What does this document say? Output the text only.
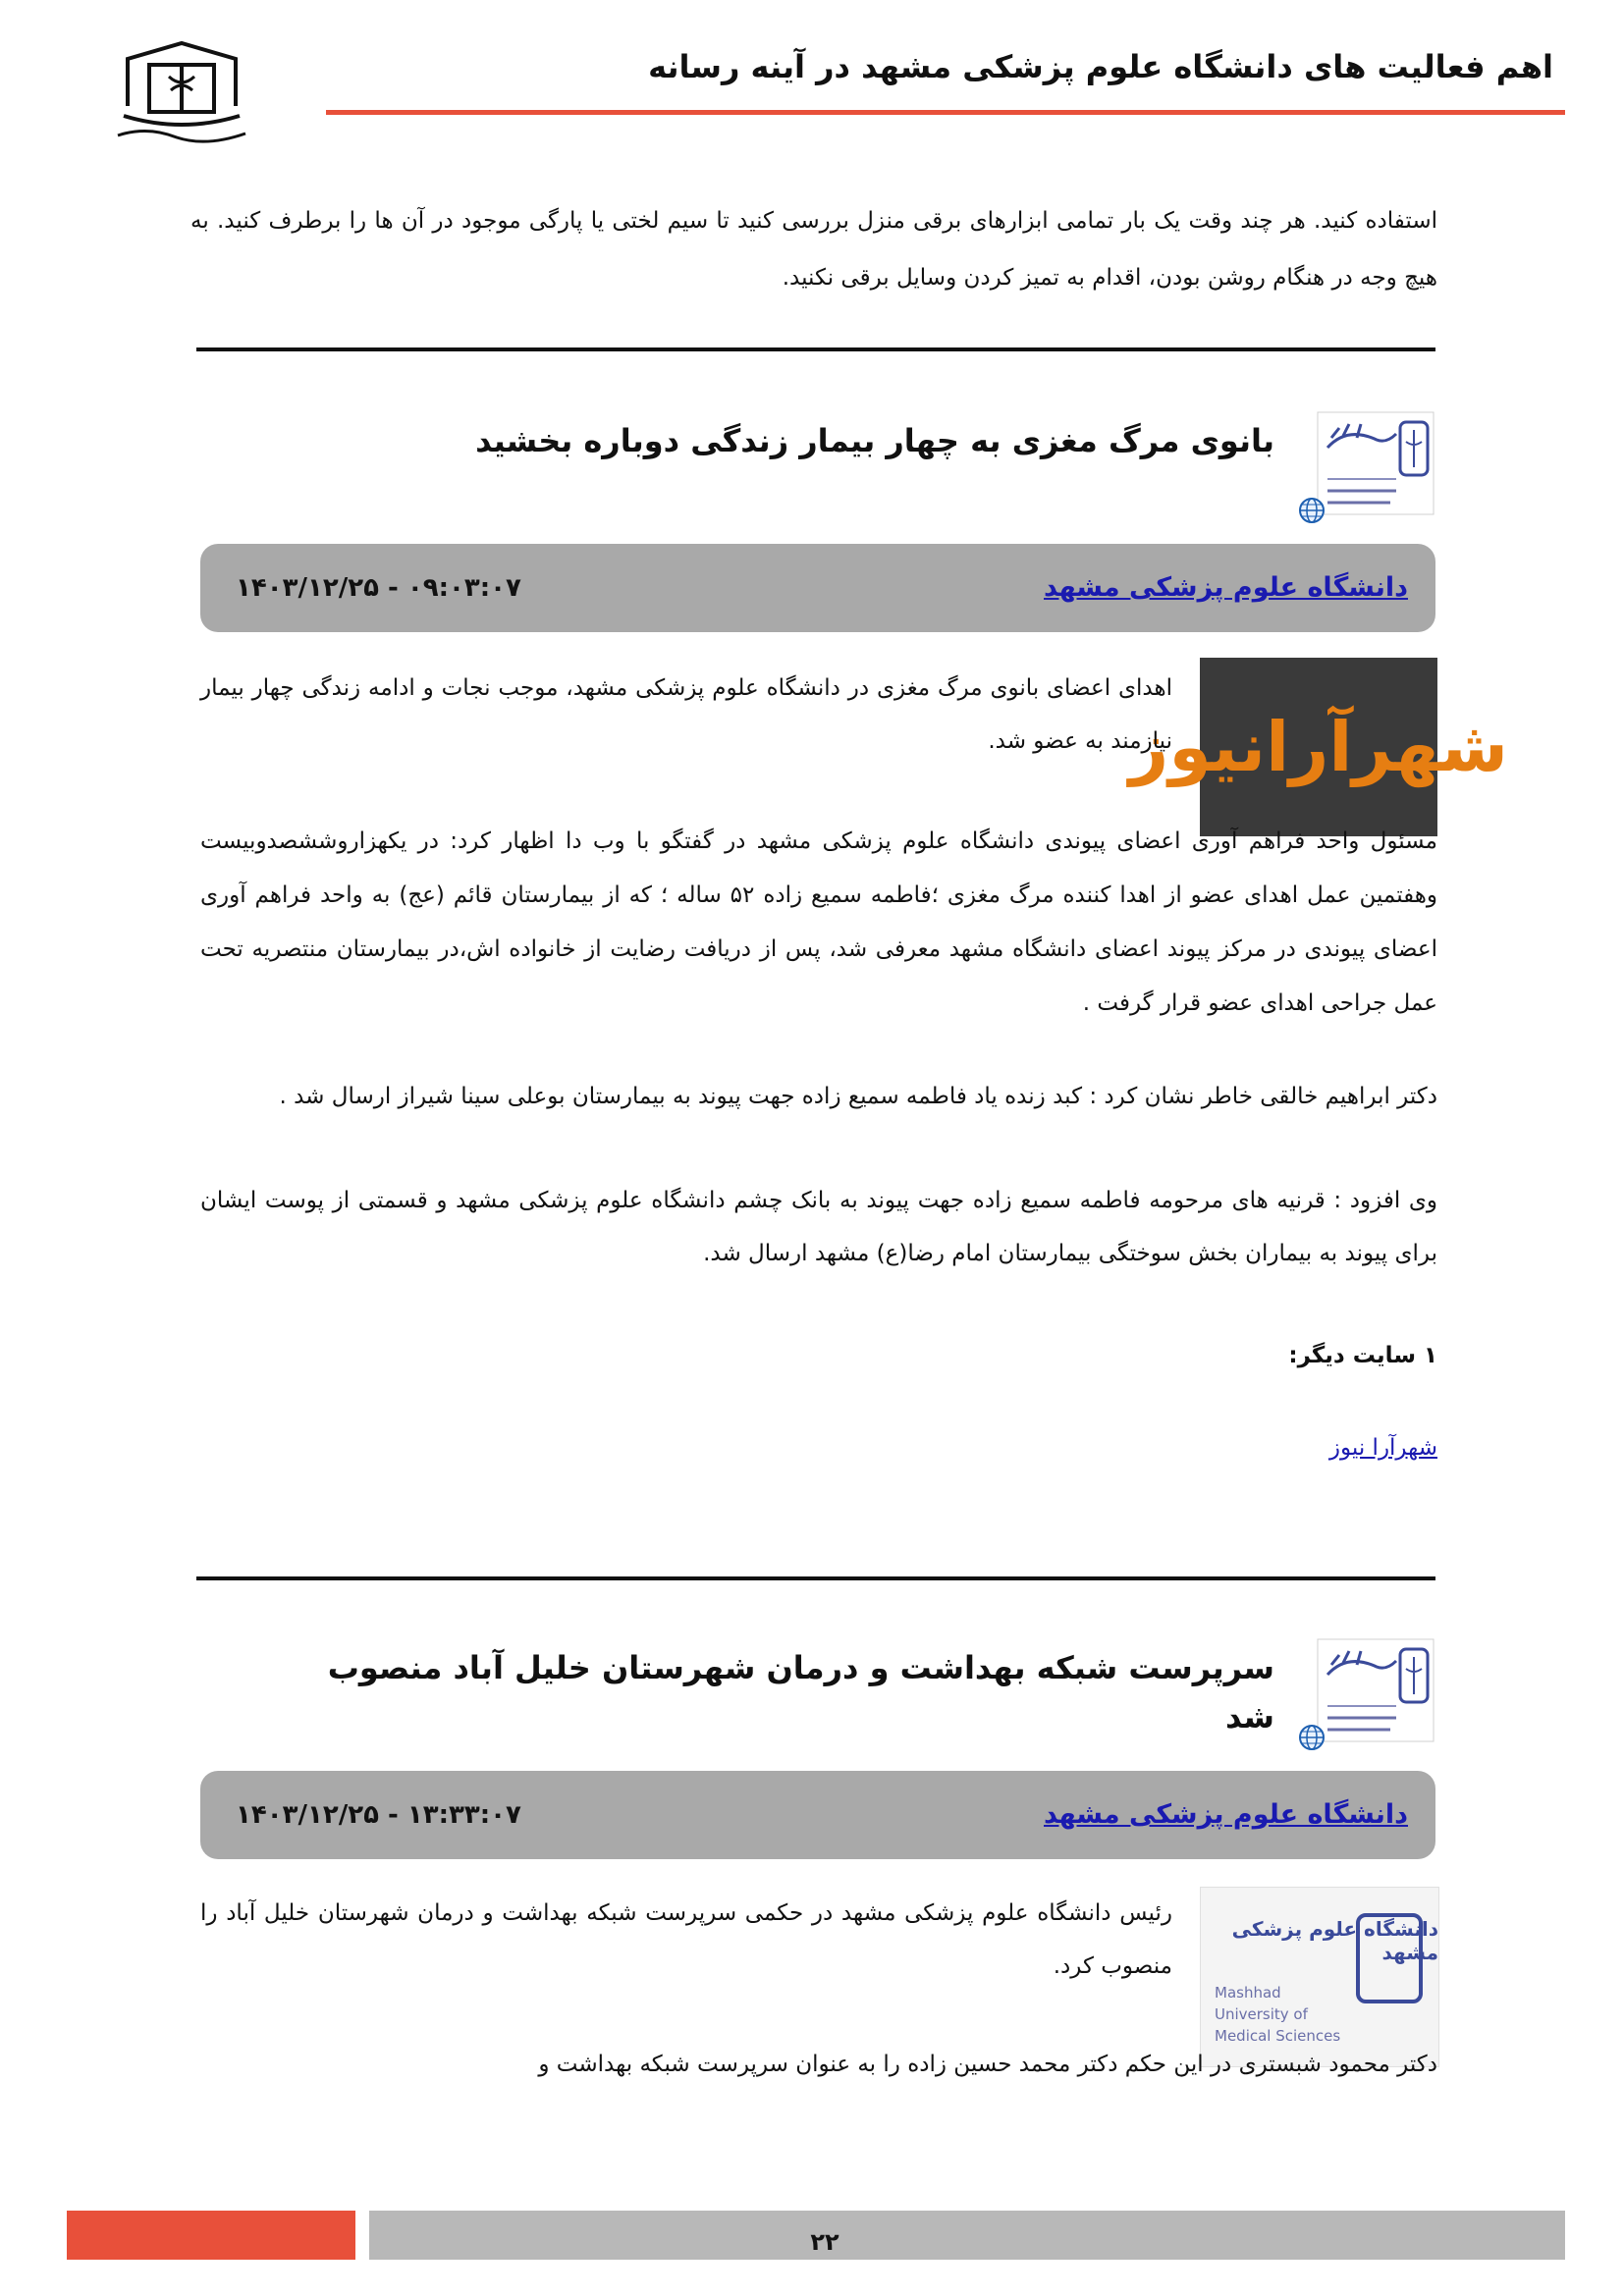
اهم فعالیت های دانشگاه علوم پزشکی مشهد در آینه رسانه
استفاده کنید. هر چند وقت یک بار تمامی ابزارهای برقی منزل بررسی کنید تا سیم لختی یا پارگی موجود در آن ها را برطرف کنید. به هیچ وجه در هنگام روشن بودن، اقدام به تمیز کردن وسایل برقی نکنید.
بانوی مرگ مغزی به چهار بیمار زندگی دوباره بخشید
دانشگاه علوم پزشکی مشهد
۱۴۰۳/۱۲/۲۵ - ۰۹:۰۳:۰۷
شهرآرانیوز
اهدای اعضای بانوی مرگ مغزی در دانشگاه علوم پزشکی مشهد، موجب نجات و ادامه زندگی چهار بیمار نیازمند به عضو شد.
مسئول واحد فراهم آوری اعضای پیوندی دانشگاه علوم پزشکی مشهد در گفتگو با وب دا اظهار کرد: در یکهزاروششصدوبیست وهفتمین عمل اهدای عضو از اهدا کننده مرگ مغزی ؛فاطمه سمیع زاده ۵۲ ساله ؛ که از بیمارستان قائم (عج) به واحد فراهم آوری اعضای پیوندی در مرکز پیوند اعضای دانشگاه مشهد معرفی شد، پس از دریافت رضایت از خانواده اش،در بیمارستان منتصریه تحت عمل جراحی اهدای عضو قرار گرفت .
دکتر ابراهیم خالقی خاطر نشان کرد : کبد زنده یاد فاطمه سمیع زاده جهت پیوند به بیمارستان بوعلی سینا شیراز ارسال شد .
وی افزود : قرنیه های مرحومه فاطمه سمیع زاده جهت پیوند به بانک چشم دانشگاه علوم پزشکی مشهد و قسمتی از پوست ایشان برای پیوند به بیماران بخش سوختگی بیمارستان امام رضا(ع) مشهد ارسال شد.
۱ سایت دیگر:
شهرآرا نیوز
سرپرست شبکه بهداشت و درمان شهرستان خلیل آباد منصوب شد
دانشگاه علوم پزشکی مشهد
۱۴۰۳/۱۲/۲۵ - ۱۳:۳۳:۰۷
دانشگاه علوم پزشکی مشهد
Mashhad University of Medical Sciences
رئیس دانشگاه علوم پزشکی مشهد در حکمی سرپرست شبکه بهداشت و درمان شهرستان خلیل آباد را منصوب کرد.
دکتر محمود شبستری در این حکم دکتر محمد حسین زاده را به عنوان سرپرست شبکه بهداشت و
۲۲
